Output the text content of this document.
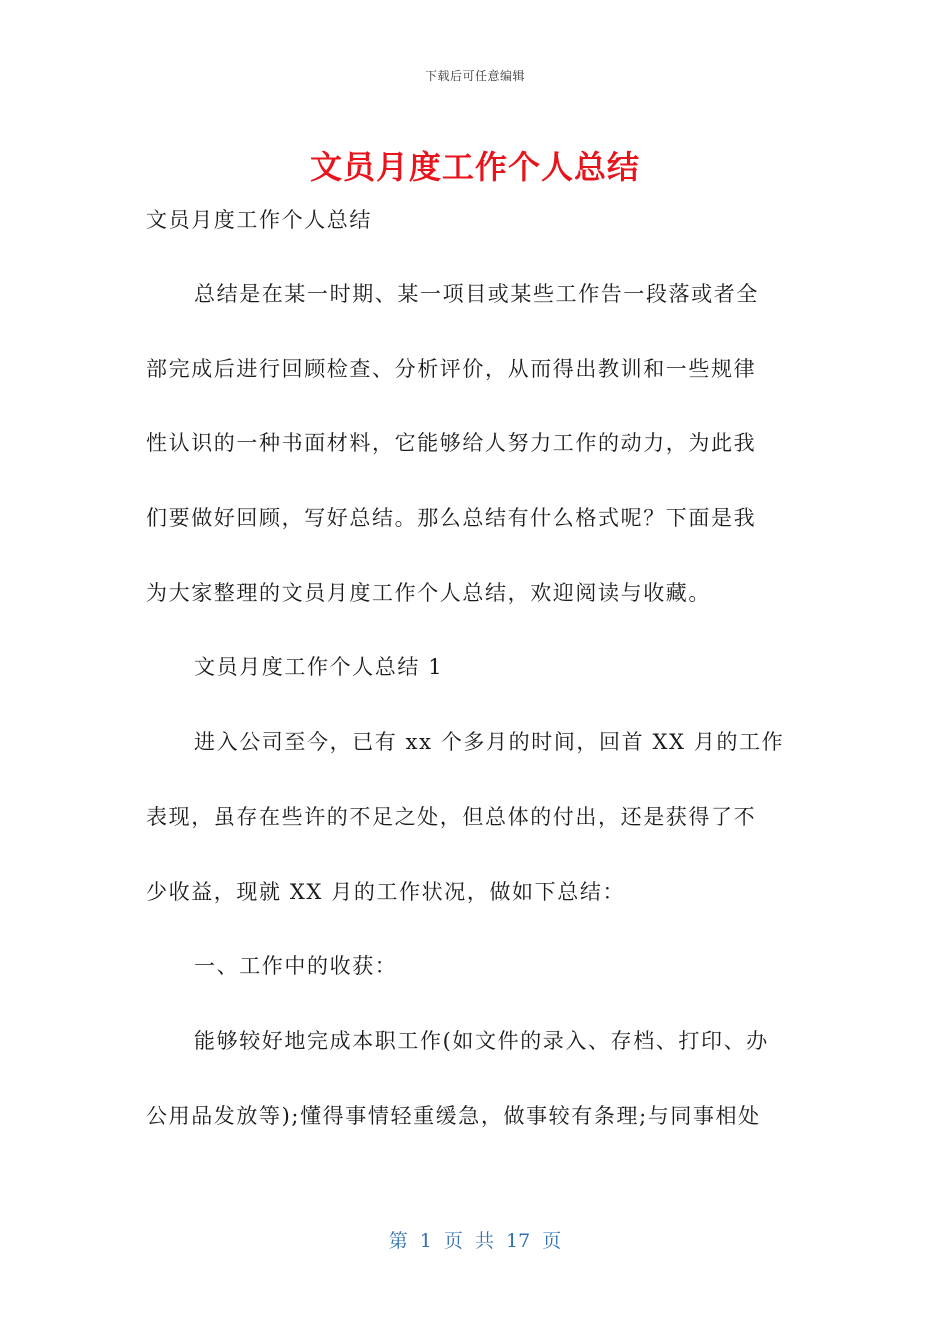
下载后可任意编辑
文员月度工作个人总结
文员月度工作个人总结
总结是在某一时期、某一项目或某些工作告一段落或者全
部完成后进行回顾检查、分析评价，从而得出教训和一些规律
性认识的一种书面材料，它能够给人努力工作的动力，为此我
们要做好回顾，写好总结。那么总结有什么格式呢？下面是我
为大家整理的文员月度工作个人总结，欢迎阅读与收藏。
文员月度工作个人总结 1
进入公司至今，已有 xx 个多月的时间，回首 XX 月的工作
表现，虽存在些许的不足之处，但总体的付出，还是获得了不
少收益，现就 XX 月的工作状况，做如下总结：
一、工作中的收获：
能够较好地完成本职工作(如文件的录入、存档、打印、办
公用品发放等);懂得事情轻重缓急，做事较有条理;与同事相处
第 1 页 共 17 页
